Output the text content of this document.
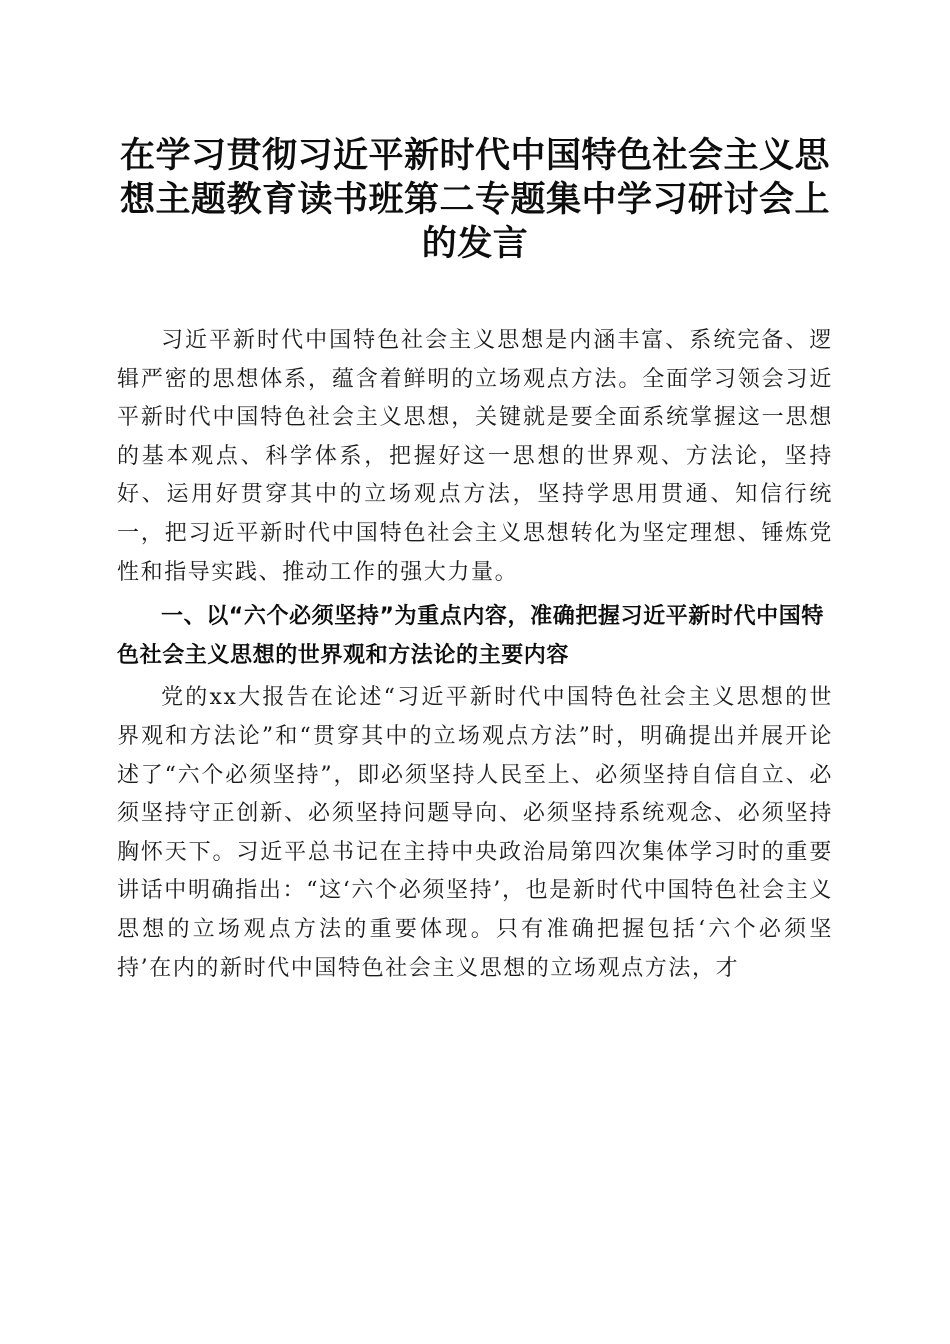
在学习贯彻习近平新时代中国特色社会主义思
想主题教育读书班第二专题集中学习研讨会上
的发言

习近平新时代中国特色社会主义思想是内涵丰富、系统完备、逻辑严密的思想体系，蕴含着鲜明的立场观点方法。全面学习领会习近平新时代中国特色社会主义思想，关键就是要全面系统掌握这一思想的基本观点、科学体系，把握好这一思想的世界观、方法论，坚持好、运用好贯穿其中的立场观点方法，坚持学思用贯通、知信行统一，把习近平新时代中国特色社会主义思想转化为坚定理想、锤炼党性和指导实践、推动工作的强大力量。

一、以“六个必须坚持”为重点内容，准确把握习近平新时代中国特色社会主义思想的世界观和方法论的主要内容

党的xx大报告在论述“习近平新时代中国特色社会主义思想的世界观和方法论”和“贯穿其中的立场观点方法”时，明确提出并展开论述了“六个必须坚持”，即必须坚持人民至上、必须坚持自信自立、必须坚持守正创新、必须坚持问题导向、必须坚持系统观念、必须坚持胸怀天下。习近平总书记在主持中央政治局第四次集体学习时的重要讲话中明确指出：“这‘六个必须坚持’，也是新时代中国特色社会主义思想的立场观点方法的重要体现。只有准确把握包括‘六个必须坚持’在内的新时代中国特色社会主义思想的立场观点方法，才
